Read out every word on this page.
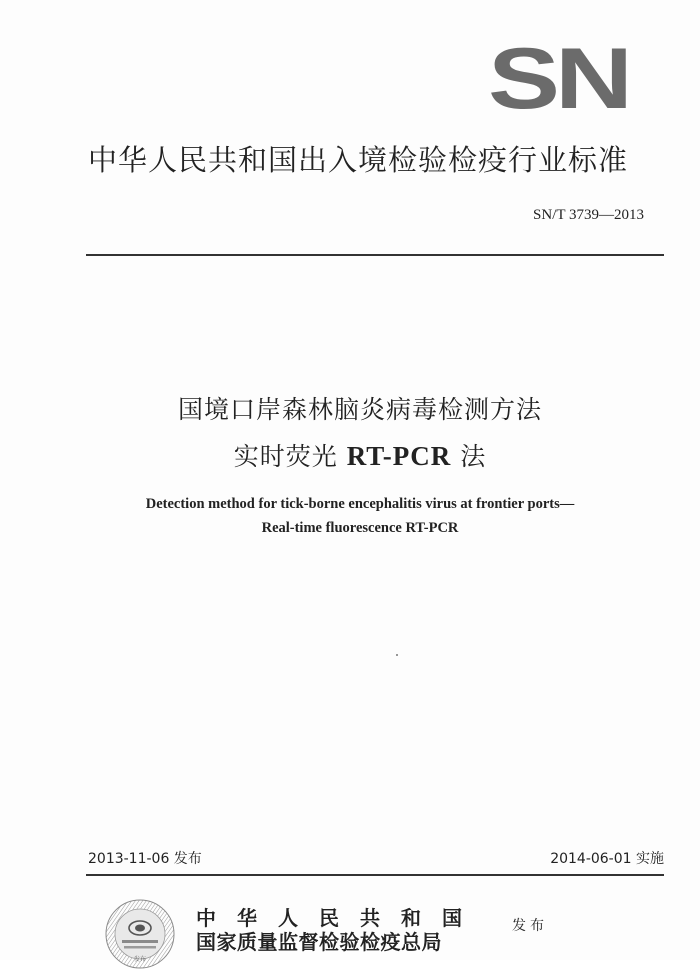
SN
中华人民共和国出入境检验检疫行业标准
SN/T 3739—2013
国境口岸森林脑炎病毒检测方法
实时荧光 RT-PCR 法
Detection method for tick-borne encephalitis virus at frontier ports—
Real-time fluorescence RT-PCR
2013-11-06 发布	2014-06-01 实施
发布
中 华 人 民 共 和 国
国家质量监督检验检疫总局
发布
